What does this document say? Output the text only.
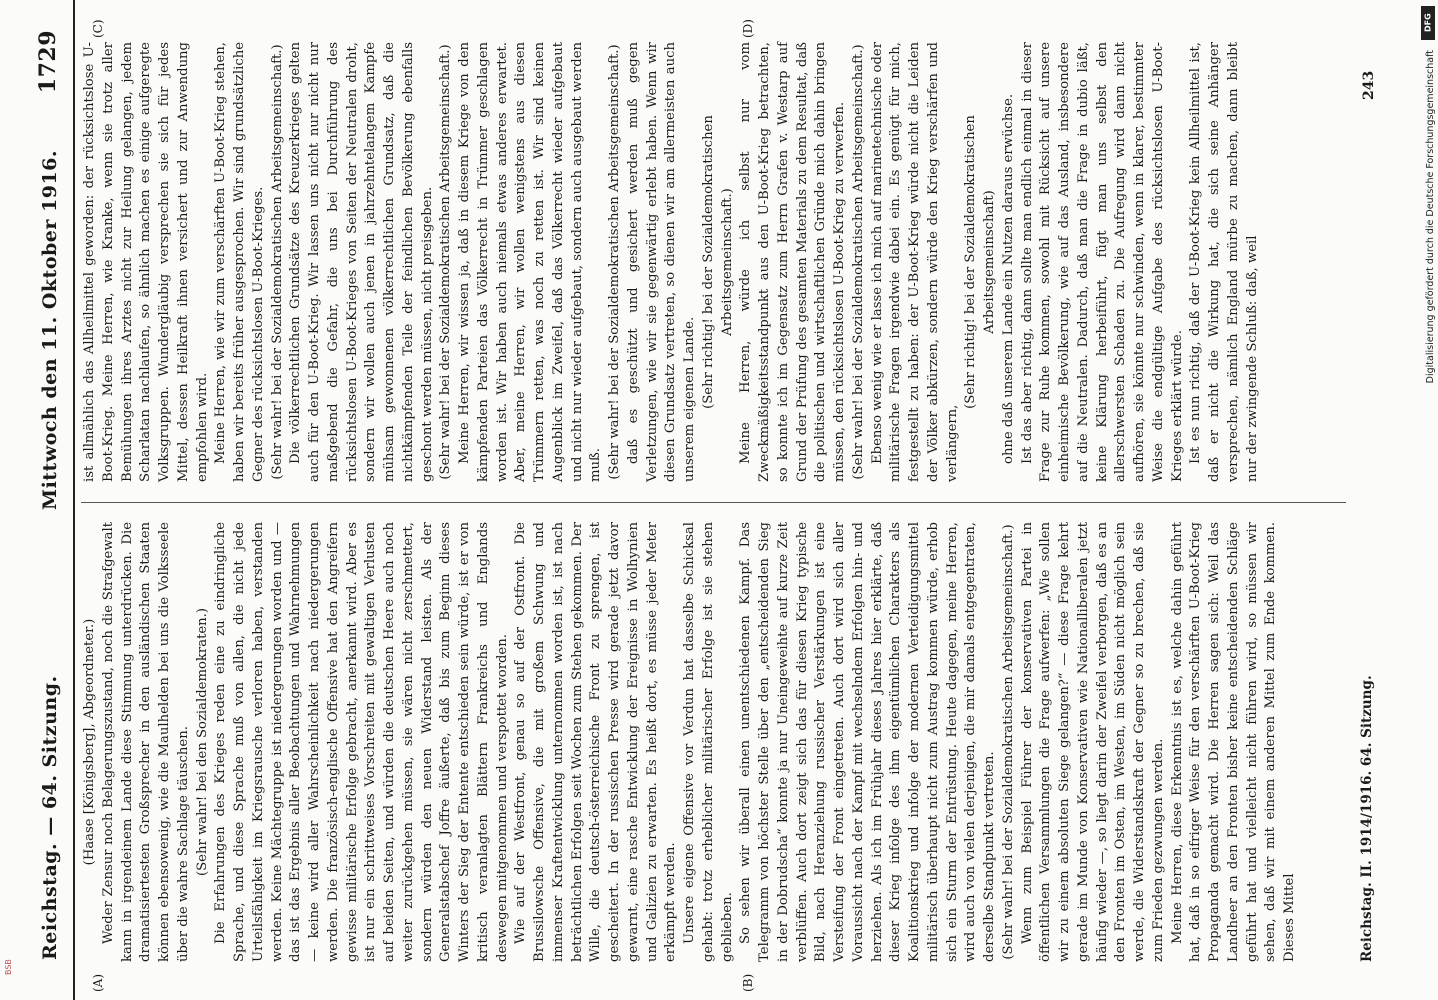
Reichstag. — 64. Sitzung.
Mittwoch den 11. Oktober 1916.
1729
(A)	(B)
(C)	(D)

(Haase [Königsberg], Abgeordneter.) Weder Zensur noch Belagerungszustand, noch die Strafgewalt kann in irgendeinem Lande diese Stimmung unterdrücken. Die dramatisiertesten Großsprecher in den ausländischen Staaten können ebensowenig, wie die Maulhelden bei uns die Volksseele über die wahre Sachlage täuschen. (Sehr wahr! bei den Sozialdemokraten.) Die Erfahrungen des Krieges reden eine zu eindringliche Sprache, und diese Sprache muß von allen, die nicht jede Urteilsfähigkeit im Kriegsrausche verloren haben, verstanden werden. Keine Mächtegruppe ist niedergerungen worden und — das ist das Ergebnis aller Beobachtungen und Wahrnehmungen — keine wird aller Wahrscheinlichkeit nach niedergerungen werden. Die französisch-englische Offensive hat den Angreifern gewisse militärische Erfolge gebracht, anerkannt wird. Aber es ist nur ein schrittweises Vorschreiten mit gewaltigen Verlusten auf beiden Seiten, und würden die deutschen Heere auch noch weiter zurückgehen müssen, sie wären nicht zerschmettert, sondern würden den neuen Widerstand leisten. Als der Generalstabschef Joffre äußerte, daß bis zum Beginn dieses Winters der Sieg der Entente entschieden sein würde, ist er von kritisch veranlagten Blättern Frankreichs und Englands deswegen mitgenommen und verspottet worden. Wie auf der Westfront, genau so auf der Ostfront. Die Brussilowsche Offensive, die mit großem Schwung und immenser Kraftentwicklung unternommen worden ist, ist nach beträchtlichen Erfolgen seit Wochen zum Stehen gekommen. Der Wille, die deutsch-österreichische Front zu sprengen, ist gescheitert. In der russischen Presse wird gerade jetzt davor gewarnt, eine rasche Entwicklung der Ereignisse in Wolhynien und Galizien zu erwarten. Es heißt dort, es müsse jeder Meter erkämpft werden. Unsere eigene Offensive vor Verdun hat dasselbe Schicksal gehabt: trotz erheblicher militärischer Erfolge ist sie stehen geblieben. So sehen wir überall einen unentschiedenen Kampf. Das Telegramm von höchster Stelle über den „entscheidenden Sieg in der Dobrudscha“ konnte ja nur Uneingeweihte auf kurze Zeit verblüffen. Auch dort zeigt sich das für diesen Krieg typische Bild, nach Heranziehung russischer Verstärkungen ist eine Versteifung der Front eingetreten. Auch dort wird sich aller Voraussicht nach der Kampf mit wechselndem Erfolgen hin- und herziehen. Als ich im Frühjahr dieses Jahres hier erklärte, daß dieser Krieg infolge des ihm eigentümlichen Charakters als Koalitionskrieg und infolge der modernen Verteidigungsmittel militärisch überhaupt nicht zum Austrag kommen würde, erhob sich ein Sturm der Entrüstung. Heute dagegen, meine Herren, wird auch von vielen derjenigen, die mir damals entgegentraten, derselbe Standpunkt vertreten. (Sehr wahr! bei der Sozialdemokratischen Arbeitsgemeinschaft.) Wenn zum Beispiel Führer der konservativen Partei in öffentlichen Versammlungen die Frage aufwerfen: „Wie sollen wir zu einem absoluten Siege gelangen?“ — diese Frage kehrt gerade im Munde von Konservativen wie Nationalliberalen jetzt häufig wieder —, so liegt darin der Zweifel verborgen, daß es an den Fronten im Osten, im Westen, im Süden nicht möglich sein werde, die Widerstandskraft der Gegner so zu brechen, daß sie zum Frieden gezwungen werden. Meine Herren, diese Erkenntnis ist es, welche dahin geführt hat, daß in so eifriger Weise für den verschärften U-Boot-Krieg Propaganda gemacht wird. Die Herren sagen sich: Weil das Landheer an den Fronten bisher keine entscheidenden Schläge geführt hat und vielleicht nicht führen wird, so müssen wir sehen, daß wir mit einem anderen Mittel zum Ende kommen. Dieses Mittel

ist allmählich das Allheilmittel geworden: der rücksichtslose U-Boot-Krieg. Meine Herren, wie Kranke, wenn sie trotz aller Bemühungen ihres Arztes nicht zur Heilung gelangen, jedem Scharlatan nachlaufen, so ähnlich machen es einige aufgeregte Volksgruppen. Wundergläubig versprechen sie sich für jedes Mittel, dessen Heilkraft ihnen versichert und zur Anwendung empfohlen wird. Meine Herren, wie wir zum verschärften U-Boot-Krieg stehen, haben wir bereits früher ausgesprochen. Wir sind grundsätzliche Gegner des rücksichtslosen U-Boot-Krieges. (Sehr wahr! bei der Sozialdemokratischen Arbeitsgemeinschaft.) Die völkerrechtlichen Grundsätze des Kreuzerkrieges gelten auch für den U-Boot-Krieg. Wir lassen uns nicht nur nicht nur maßgebend die Gefahr, die uns bei Durchführung des rücksichtslosen U-Boot-Krieges von Seiten der Neutralen droht, sondern wir wollen auch jenen in jahrzehntelangem Kampfe mühsam gewonnenen völkerrechtlichen Grundsatz, daß die nichtkämpfenden Teile der feindlichen Bevölkerung ebenfalls geschont werden müssen, nicht preisgeben. (Sehr wahr! bei der Sozialdemokratischen Arbeitsgemeinschaft.) Meine Herren, wir wissen ja, daß in diesem Kriege von den kämpfenden Parteien das Völkerrecht in Trümmer geschlagen worden ist. Wir haben auch niemals etwas anderes erwartet. Aber, meine Herren, wir wollen wenigstens aus diesen Trümmern retten, was noch zu retten ist. Wir sind keinen Augenblick im Zweifel, daß das Völkerrecht wieder aufgebaut und nicht nur wieder aufgebaut, sondern auch ausgebaut werden muß. (Sehr wahr! bei der Sozialdemokratischen Arbeitsgemeinschaft.) daß es geschützt und gesichert werden muß gegen Verletzungen, wie wir sie gegenwärtig erlebt haben. Wenn wir diesen Grundsatz vertreten, so dienen wir am allermeisten auch unserem eigenen Lande. (Sehr richtig! bei der Sozialdemokratischen Arbeitsgemeinschaft.) Meine Herren, würde ich selbst nur vom Zweckmäßigkeitsstandpunkt aus den U-Boot-Krieg betrachten, so konnte ich im Gegensatz zum Herrn Grafen v. Westarp auf Grund der Prüfung des gesamten Materials zu dem Resultat, daß die politischen und wirtschaftlichen Gründe mich dahin bringen müssen, den rücksichtslosen U-Boot-Krieg zu verwerfen. (Sehr wahr! bei der Sozialdemokratischen Arbeitsgemeinschaft.) Ebenso wenig wie er lasse ich mich auf marinetechnische oder militärische Fragen irgendwie dabei ein. Es genügt für mich, festgestellt zu haben: der U-Boot-Krieg würde nicht die Leiden der Völker abkürzen, sondern würde den Krieg verschärfen und verlängern,

(Sehr richtig! bei der Sozialdemokratischen Arbeitsgemeinschaft) ohne daß unserem Lande ein Nutzen daraus erwüchse. Ist das aber richtig, dann sollte man endlich einmal in dieser Frage zur Ruhe kommen, sowohl mit Rücksicht auf unsere einheimische Bevölkerung, wie auf das Ausland, insbesondere auf die Neutralen. Dadurch, daß man die Frage in dubio läßt, keine Klärung herbeiführt, fügt man uns selbst den allerschwersten Schaden zu. Die Aufregung wird dann nicht aufhören, sie könnte nur schwinden, wenn in klarer, bestimmter Weise die endgültige Aufgabe des rücksichtslosen U-Boot-Krieges erklärt würde. Ist es nun richtig, daß der U-Boot-Krieg kein Allheilmittel ist, daß er nicht die Wirkung hat, die sich seine Anhänger versprechen, nämlich England mürbe zu machen, dann bleibt nur der zwingende Schluß: daß, weil

Reichstag. II. 1914/1916. 64. Sitzung.
243
DFG
Digitalisierung gefördert durch die Deutsche Forschungsgemeinschaft
BSB
